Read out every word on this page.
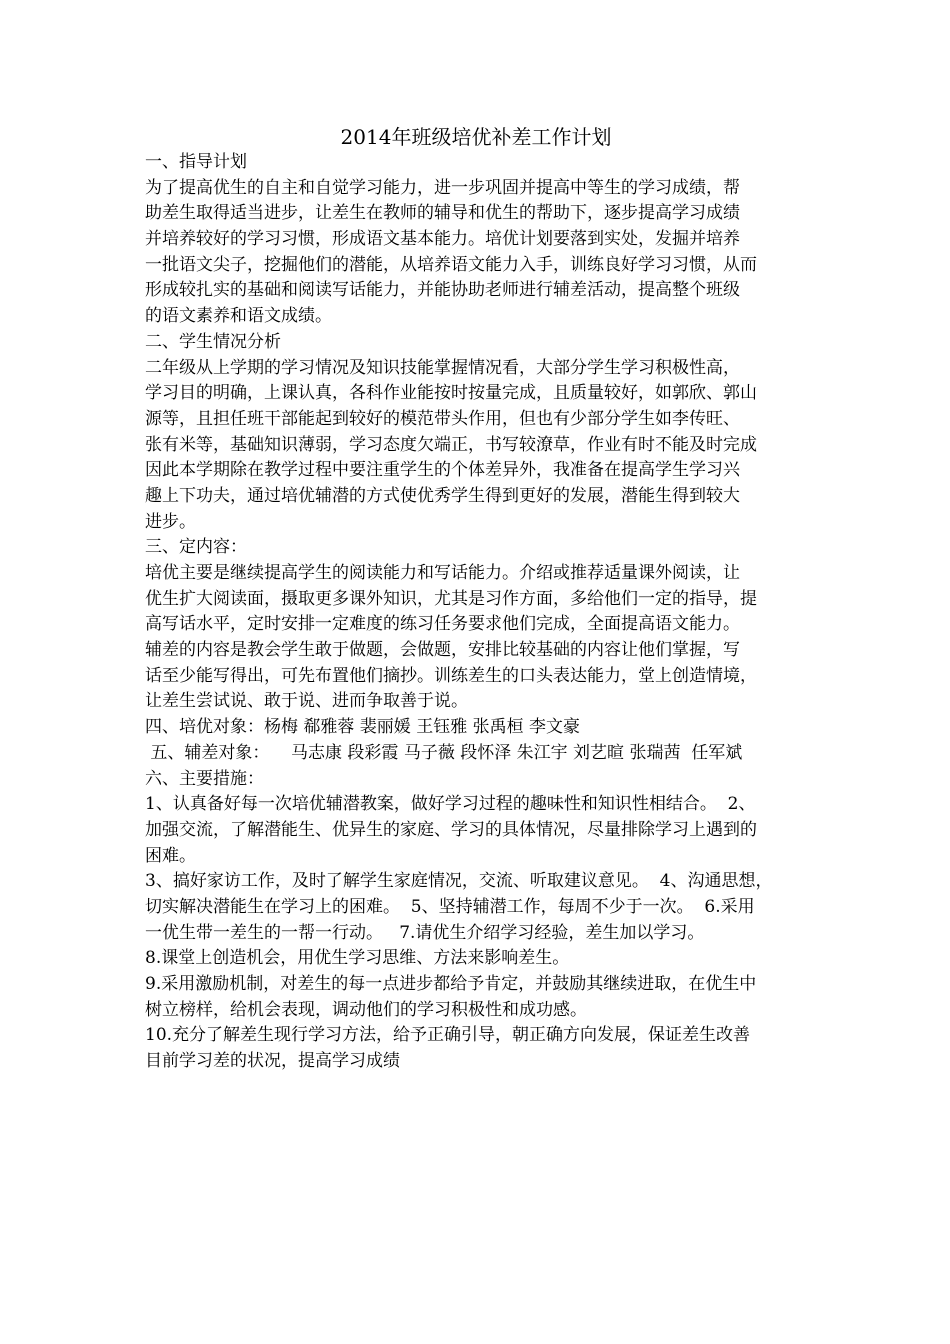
2014年班级培优补差工作计划
一、指导计划
为了提高优生的自主和自觉学习能力，进一步巩固并提高中等生的学习成绩，帮
助差生取得适当进步，让差生在教师的辅导和优生的帮助下，逐步提高学习成绩
并培养较好的学习习惯，形成语文基本能力。培优计划要落到实处，发掘并培养
一批语文尖子，挖掘他们的潜能，从培养语文能力入手，训练良好学习习惯，从而
形成较扎实的基础和阅读写话能力，并能协助老师进行辅差活动，提高整个班级
的语文素养和语文成绩。
二、学生情况分析
二年级从上学期的学习情况及知识技能掌握情况看，大部分学生学习积极性高，
学习目的明确，上课认真，各科作业能按时按量完成，且质量较好，如郭欣、郭山
源等，且担任班干部能起到较好的模范带头作用，但也有少部分学生如李传旺、
张有米等，基础知识薄弱，学习态度欠端正，书写较潦草，作业有时不能及时完成
因此本学期除在教学过程中要注重学生的个体差异外，我准备在提高学生学习兴
趣上下功夫，通过培优辅潜的方式使优秀学生得到更好的发展，潜能生得到较大
进步。
三、定内容：
培优主要是继续提高学生的阅读能力和写话能力。介绍或推荐适量课外阅读，让
优生扩大阅读面，摄取更多课外知识，尤其是习作方面，多给他们一定的指导，提
高写话水平，定时安排一定难度的练习任务要求他们完成，全面提高语文能力。
辅差的内容是教会学生敢于做题，会做题，安排比较基础的内容让他们掌握，写
话至少能写得出，可先布置他们摘抄。训练差生的口头表达能力，堂上创造情境，
让差生尝试说、敢于说、进而争取善于说。
四、培优对象：杨梅 郗雅蓉 裴丽媛 王钰雅 张禹桓 李文豪
五、辅差对象：    马志康 段彩霞 马子薇 段怀泽 朱江宇 刘艺暄 张瑞茜  任军斌
六、主要措施：
1、认真备好每一次培优辅潜教案，做好学习过程的趣味性和知识性相结合。  2、
加强交流，了解潜能生、优异生的家庭、学习的具体情况，尽量排除学习上遇到的
困难。
3、搞好家访工作，及时了解学生家庭情况，交流、听取建议意见。  4、沟通思想，
切实解决潜能生在学习上的困难。  5、坚持辅潜工作，每周不少于一次。  6.采用
一优生带一差生的一帮一行动。   7.请优生介绍学习经验，差生加以学习。
8.课堂上创造机会，用优生学习思维、方法来影响差生。
9.采用激励机制，对差生的每一点进步都给予肯定，并鼓励其继续进取，在优生中
树立榜样，给机会表现，调动他们的学习积极性和成功感。
10.充分了解差生现行学习方法，给予正确引导，朝正确方向发展，保证差生改善
目前学习差的状况，提高学习成绩
